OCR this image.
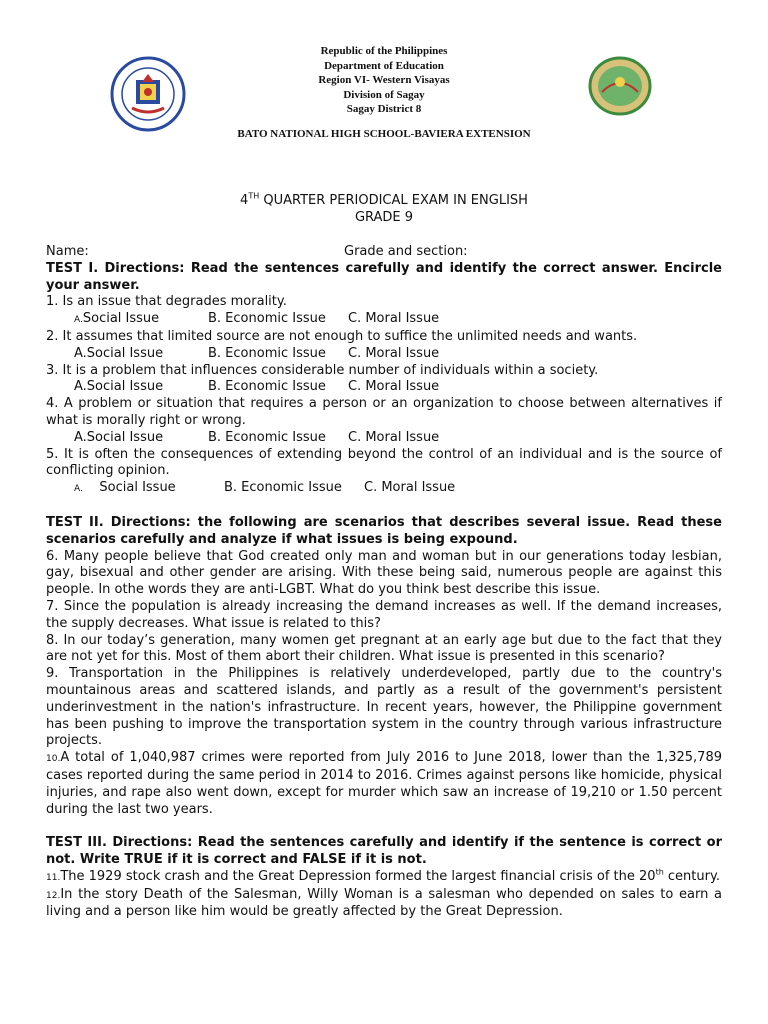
Republic of the Philippines
Department of Education
Region VI- Western Visayas
Division of Sagay
Sagay District 8
BATO NATIONAL HIGH SCHOOL-BAVIERA EXTENSION
4TH QUARTER PERIODICAL EXAM IN ENGLISH
GRADE 9
Name:	Grade and section:
TEST I. Directions: Read the sentences carefully and identify the correct answer. Encircle your answer.
1. Is an issue that degrades morality.
A.Social Issue	B. Economic Issue C. Moral Issue
2. It assumes that limited source are not enough to suffice the unlimited needs and wants.
A.Social Issue	B. Economic Issue C. Moral Issue
3. It is a problem that influences considerable number of individuals within a society.
A.Social Issue	B. Economic Issue C. Moral Issue
4. A problem or situation that requires a person or an organization to choose between alternatives if what is morally right or wrong.
A.Social Issue	B. Economic Issue C. Moral Issue
5. It is often the consequences of extending beyond the control of an individual and is the source of conflicting opinion.
A. Social Issue	B. Economic Issue C. Moral Issue
TEST II. Directions: the following are scenarios that describes several issue. Read these scenarios carefully and analyze if what issues is being expound.
6. Many people believe that God created only man and woman but in our generations today lesbian, gay, bisexual and other gender are arising. With these being said, numerous people are against this people. In othe words they are anti-LGBT. What do you think best describe this issue.
7. Since the population is already increasing the demand increases as well. If the demand increases, the supply decreases. What issue is related to this?
8. In our today’s generation, many women get pregnant at an early age but due to the fact that they are not yet for this. Most of them abort their children. What issue is presented in this scenario?
9. Transportation in the Philippines is relatively underdeveloped, partly due to the country's mountainous areas and scattered islands, and partly as a result of the government's persistent underinvestment in the nation's infrastructure. In recent years, however, the Philippine government has been pushing to improve the transportation system in the country through various infrastructure projects.
10.A total of 1,040,987 crimes were reported from July 2016 to June 2018, lower than the 1,325,789 cases reported during the same period in 2014 to 2016. Crimes against persons like homicide, physical injuries, and rape also went down, except for murder which saw an increase of 19,210 or 1.50 percent during the last two years.
TEST III. Directions: Read the sentences carefully and identify if the sentence is correct or not. Write TRUE if it is correct and FALSE if it is not.
11.The 1929 stock crash and the Great Depression formed the largest financial crisis of the 20th century.
12.In the story Death of the Salesman, Willy Woman is a salesman who depended on sales to earn a living and a person like him would be greatly affected by the Great Depression.
